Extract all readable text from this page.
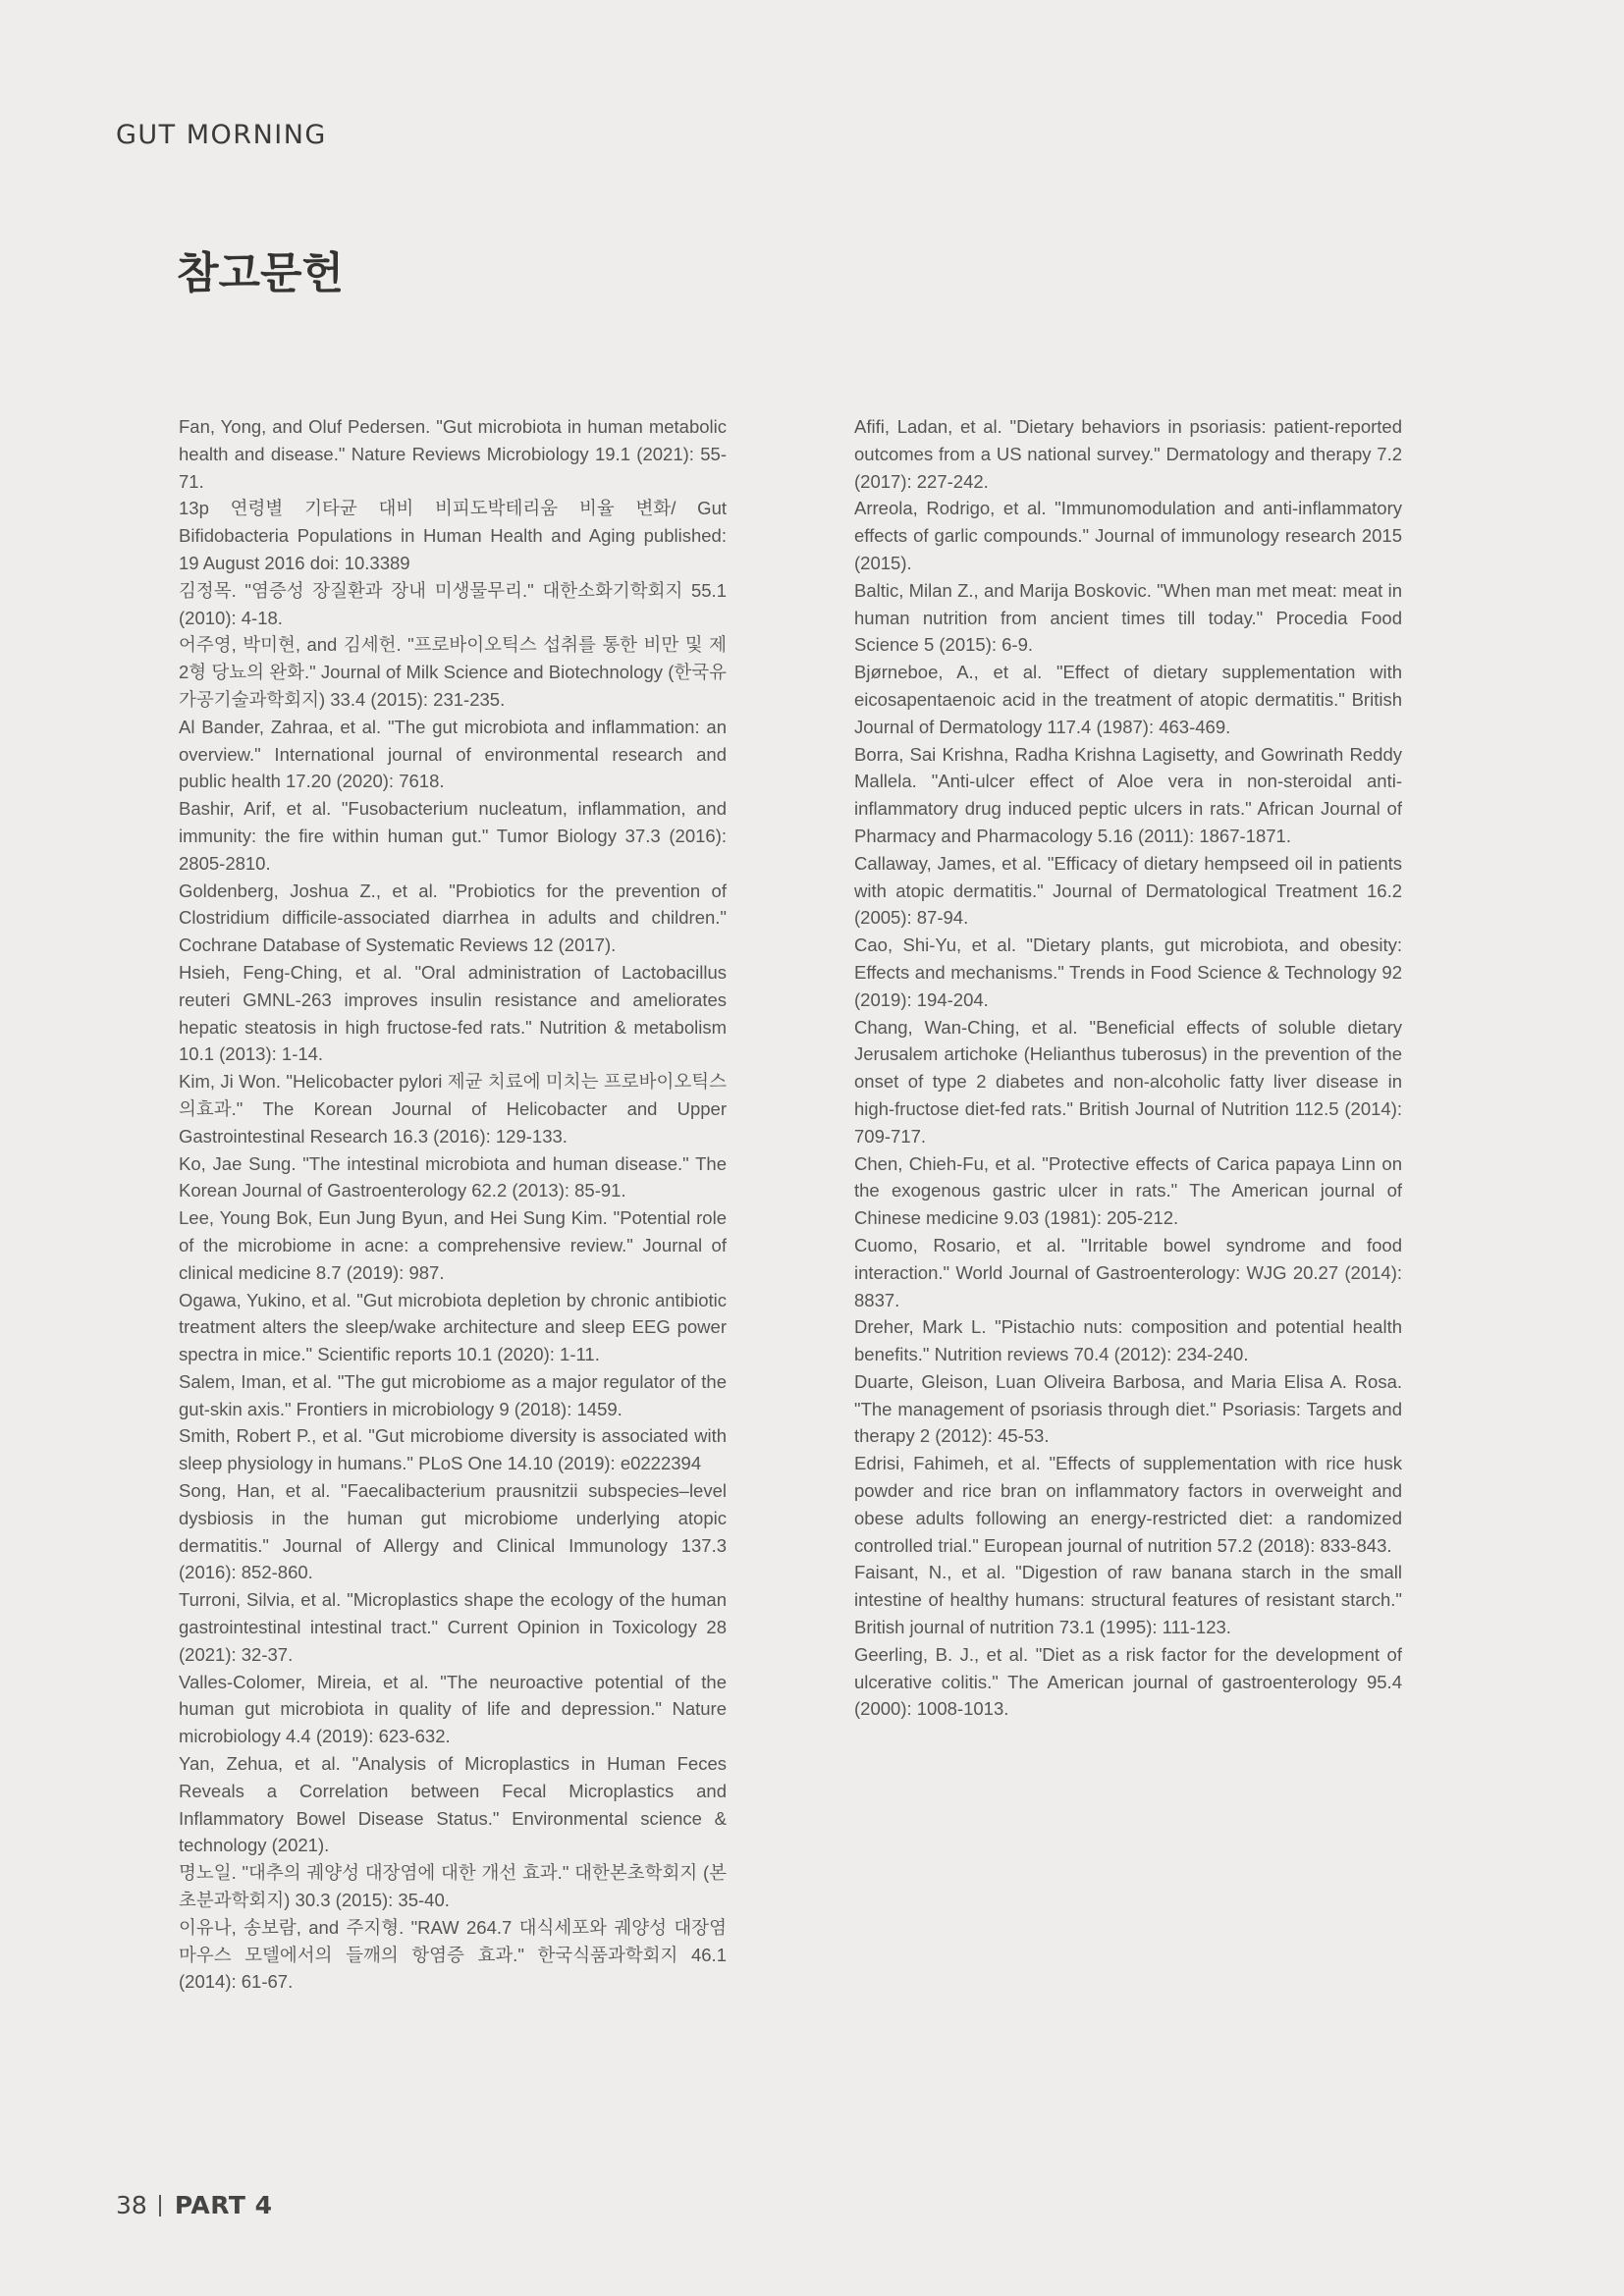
GUT MORNING
참고문헌

Fan, Yong, and Oluf Pedersen. "Gut microbiota in human metabolic health and disease." Nature Reviews Microbiology 19.1 (2021): 55-71.

13p 연령별 기타균 대비 비피도박테리움 비율 변화/ Gut Bifidobacteria Populations in Human Health and Aging published: 19 August 2016 doi: 10.3389

김정목. "염증성 장질환과 장내 미생물무리." 대한소화기학회지 55.1 (2010): 4-18.

어주영, 박미현, and 김세헌. "프로바이오틱스 섭취를 통한 비만 및 제 2형 당뇨의 완화." Journal of Milk Science and Biotechnology (한국유가공기술과학회지) 33.4 (2015): 231-235.

Al Bander, Zahraa, et al. "The gut microbiota and inflammation: an overview." International journal of environmental research and public health 17.20 (2020): 7618.

Bashir, Arif, et al. "Fusobacterium nucleatum, inflammation, and immunity: the fire within human gut." Tumor Biology 37.3 (2016): 2805-2810.

Goldenberg, Joshua Z., et al. "Probiotics for the prevention of Clostridium difficile-associated diarrhea in adults and children." Cochrane Database of Systematic Reviews 12 (2017).

Hsieh, Feng-Ching, et al. "Oral administration of Lactobacillus reuteri GMNL-263 improves insulin resistance and ameliorates hepatic steatosis in high fructose-fed rats." Nutrition & metabolism 10.1 (2013): 1-14.

Kim, Ji Won. "Helicobacter pylori 제균 치료에 미치는 프로바이오틱스의효과." The Korean Journal of Helicobacter and Upper Gastrointestinal Research 16.3 (2016): 129-133.

Ko, Jae Sung. "The intestinal microbiota and human disease." The Korean Journal of Gastroenterology 62.2 (2013): 85-91.

Lee, Young Bok, Eun Jung Byun, and Hei Sung Kim. "Potential role of the microbiome in acne: a comprehensive review." Journal of clinical medicine 8.7 (2019): 987.

Ogawa, Yukino, et al. "Gut microbiota depletion by chronic antibiotic treatment alters the sleep/wake architecture and sleep EEG power spectra in mice." Scientific reports 10.1 (2020): 1-11.

Salem, Iman, et al. "The gut microbiome as a major regulator of the gut-skin axis." Frontiers in microbiology 9 (2018): 1459.

Smith, Robert P., et al. "Gut microbiome diversity is associated with sleep physiology in humans." PLoS One 14.10 (2019): e0222394

Song, Han, et al. "Faecalibacterium prausnitzii subspecies–level dysbiosis in the human gut microbiome underlying atopic dermatitis." Journal of Allergy and Clinical Immunology 137.3 (2016): 852-860.

Turroni, Silvia, et al. "Microplastics shape the ecology of the human gastrointestinal intestinal tract." Current Opinion in Toxicology 28 (2021): 32-37.

Valles-Colomer, Mireia, et al. "The neuroactive potential of the human gut microbiota in quality of life and depression." Nature microbiology 4.4 (2019): 623-632.

Yan, Zehua, et al. "Analysis of Microplastics in Human Feces Reveals a Correlation between Fecal Microplastics and Inflammatory Bowel Disease Status." Environmental science & technology (2021).

명노일. "대추의 궤양성 대장염에 대한 개선 효과." 대한본초학회지 (본초분과학회지) 30.3 (2015): 35-40.

이유나, 송보람, and 주지형. "RAW 264.7 대식세포와 궤양성 대장염 마우스 모델에서의 들깨의 항염증 효과." 한국식품과학회지 46.1 (2014): 61-67.

Afifi, Ladan, et al. "Dietary behaviors in psoriasis: patient-reported outcomes from a US national survey." Dermatology and therapy 7.2 (2017): 227-242.

Arreola, Rodrigo, et al. "Immunomodulation and anti-inflammatory effects of garlic compounds." Journal of immunology research 2015 (2015).

Baltic, Milan Z., and Marija Boskovic. "When man met meat: meat in human nutrition from ancient times till today." Procedia Food Science 5 (2015): 6-9.

Bjørneboe, A., et al. "Effect of dietary supplementation with eicosapentaenoic acid in the treatment of atopic dermatitis." British Journal of Dermatology 117.4 (1987): 463-469.

Borra, Sai Krishna, Radha Krishna Lagisetty, and Gowrinath Reddy Mallela. "Anti-ulcer effect of Aloe vera in non-steroidal anti-inflammatory drug induced peptic ulcers in rats." African Journal of Pharmacy and Pharmacology 5.16 (2011): 1867-1871.

Callaway, James, et al. "Efficacy of dietary hempseed oil in patients with atopic dermatitis." Journal of Dermatological Treatment 16.2 (2005): 87-94.

Cao, Shi-Yu, et al. "Dietary plants, gut microbiota, and obesity: Effects and mechanisms." Trends in Food Science & Technology 92 (2019): 194-204.

Chang, Wan-Ching, et al. "Beneficial effects of soluble dietary Jerusalem artichoke (Helianthus tuberosus) in the prevention of the onset of type 2 diabetes and non-alcoholic fatty liver disease in high-fructose diet-fed rats." British Journal of Nutrition 112.5 (2014): 709-717.

Chen, Chieh-Fu, et al. "Protective effects of Carica papaya Linn on the exogenous gastric ulcer in rats." The American journal of Chinese medicine 9.03 (1981): 205-212.

Cuomo, Rosario, et al. "Irritable bowel syndrome and food interaction." World Journal of Gastroenterology: WJG 20.27 (2014): 8837.

Dreher, Mark L. "Pistachio nuts: composition and potential health benefits." Nutrition reviews 70.4 (2012): 234-240.

Duarte, Gleison, Luan Oliveira Barbosa, and Maria Elisa A. Rosa. "The management of psoriasis through diet." Psoriasis: Targets and therapy 2 (2012): 45-53.

Edrisi, Fahimeh, et al. "Effects of supplementation with rice husk powder and rice bran on inflammatory factors in overweight and obese adults following an energy-restricted diet: a randomized controlled trial." European journal of nutrition 57.2 (2018): 833-843.

Faisant, N., et al. "Digestion of raw banana starch in the small intestine of healthy humans: structural features of resistant starch." British journal of nutrition 73.1 (1995): 111-123.

Geerling, B. J., et al. "Diet as a risk factor for the development of ulcerative colitis." The American journal of gastroenterology 95.4 (2000): 1008-1013.

38 PART 4
